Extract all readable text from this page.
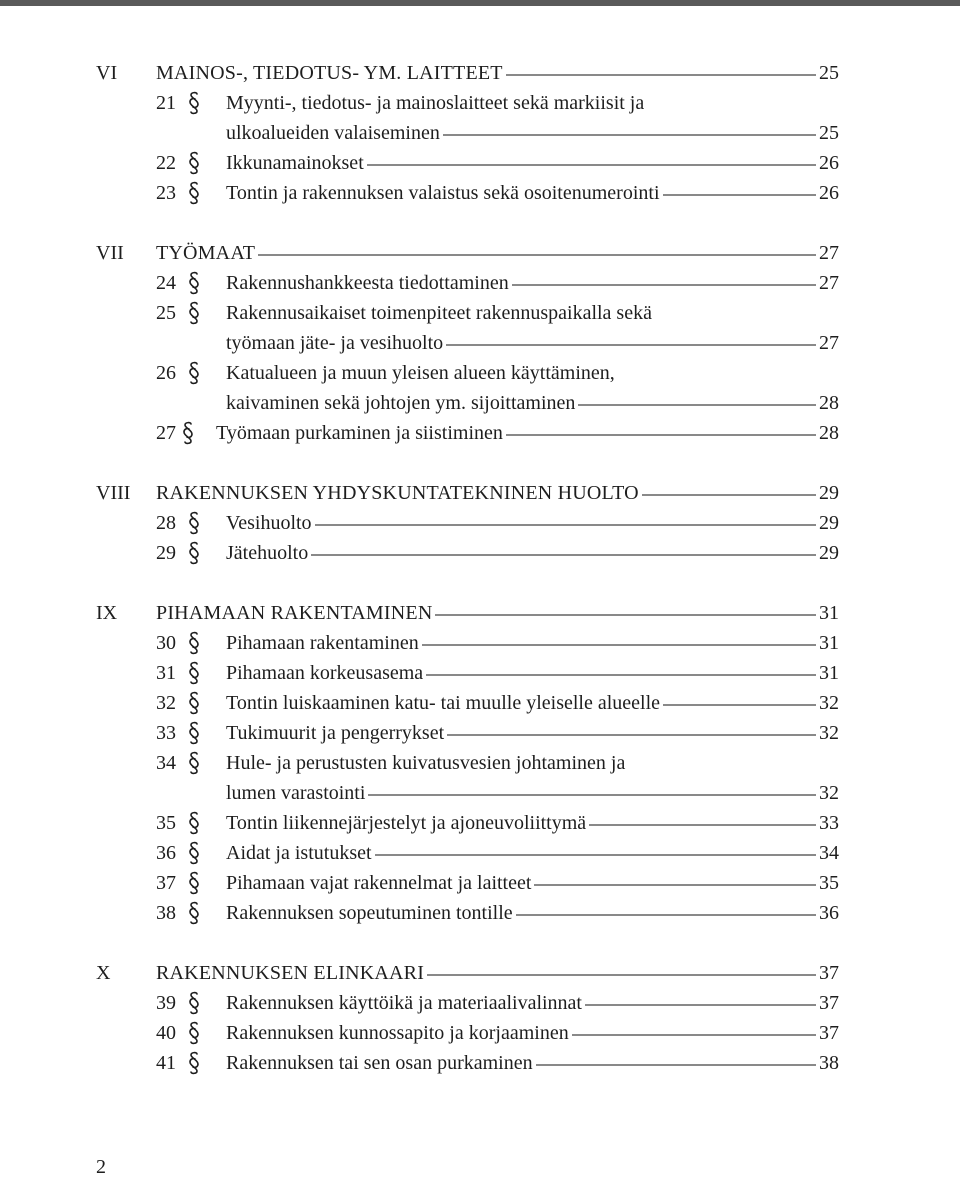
VI MAINOS-, TIEDOTUS- YM. LAITTEET	25
21	Myynti-, tiedotus- ja mainoslaitteet sekä markiisit ja
ulkoalueiden valaiseminen	25
22	Ikkunamainokset	26
23	Tontin ja rakennuksen valaistus sekä osoitenumerointi	26
VII TYÖMAAT	27
24	Rakennushankkeesta tiedottaminen	27
25	Rakennusaikaiset toimenpiteet rakennuspaikalla sekä
työmaan jäte- ja vesihuolto	27
26	Katualueen ja muun yleisen alueen käyttäminen,
kaivaminen sekä johtojen ym. sijoittaminen	28
27 Työmaan purkaminen ja siistiminen	28
VIII RAKENNUKSEN YHDYSKUNTATEKNINEN HUOLTO	29
28	Vesihuolto	29
29	Jätehuolto	29
IX PIHAMAAN RAKENTAMINEN	31
30	Pihamaan rakentaminen	31
31	Pihamaan korkeusasema	31
32	Tontin luiskaaminen katu- tai muulle yleiselle alueelle	32
33	Tukimuurit ja pengerrykset	32
34	Hule- ja perustusten kuivatusvesien johtaminen ja
lumen varastointi	32
35	Tontin liikennejärjestelyt ja ajoneuvoliittymä	33
36	Aidat ja istutukset	34
37	Pihamaan vajat rakennelmat ja laitteet	35
38	Rakennuksen sopeutuminen tontille	36
X RAKENNUKSEN ELINKAARI	37
39	Rakennuksen käyttöikä ja materiaalivalinnat	37
40	Rakennuksen kunnossapito ja korjaaminen	37
41	Rakennuksen tai sen osan purkaminen	38
2
